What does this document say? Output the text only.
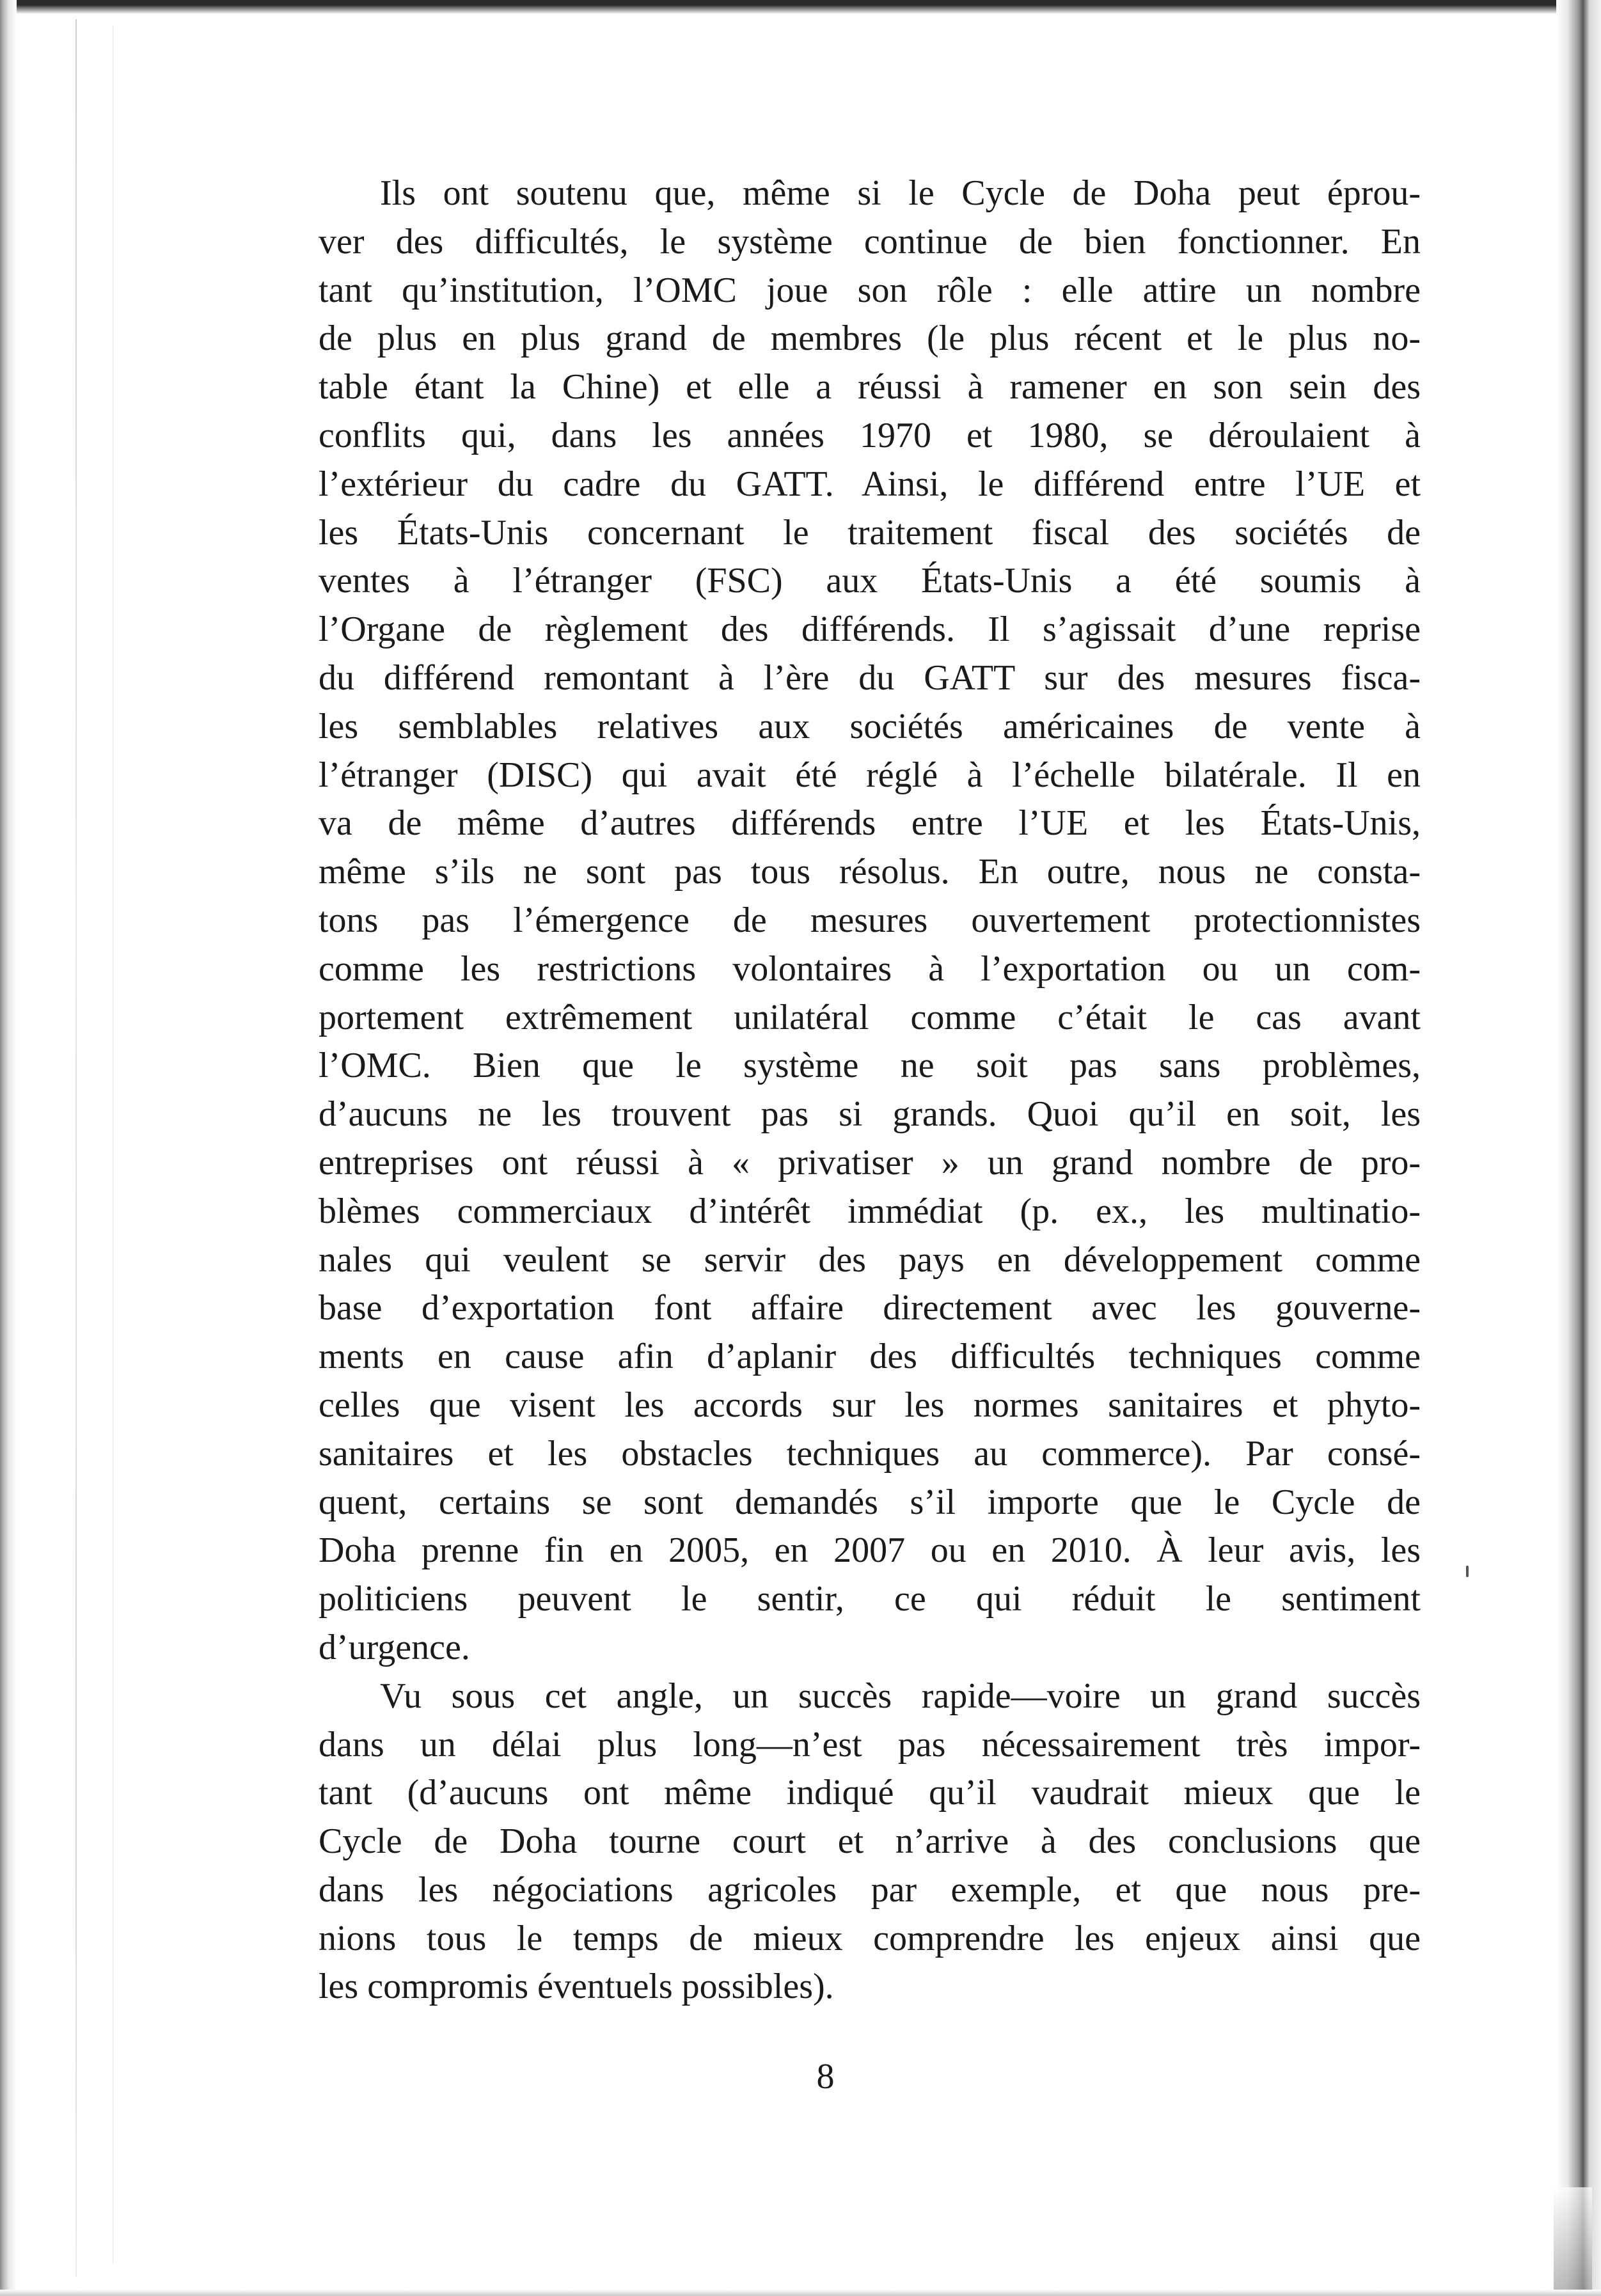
Ils ont soutenu que, même si le Cycle de Doha peut éprou-
ver des difficultés, le système continue de bien fonctionner. En
tant qu’institution, l’OMC joue son rôle : elle attire un nombre
de plus en plus grand de membres (le plus récent et le plus no-
table étant la Chine) et elle a réussi à ramener en son sein des
conflits qui, dans les années 1970 et 1980, se déroulaient à
l’extérieur du cadre du GATT. Ainsi, le différend entre l’UE et
les États-Unis concernant le traitement fiscal des sociétés de
ventes à l’étranger (FSC) aux États-Unis a été soumis à
l’Organe de règlement des différends. Il s’agissait d’une reprise
du différend remontant à l’ère du GATT sur des mesures fisca-
les semblables relatives aux sociétés américaines de vente à
l’étranger (DISC) qui avait été réglé à l’échelle bilatérale. Il en
va de même d’autres différends entre l’UE et les États-Unis,
même s’ils ne sont pas tous résolus. En outre, nous ne consta-
tons pas l’émergence de mesures ouvertement protectionnistes
comme les restrictions volontaires à l’exportation ou un com-
portement extrêmement unilatéral comme c’était le cas avant
l’OMC. Bien que le système ne soit pas sans problèmes,
d’aucuns ne les trouvent pas si grands. Quoi qu’il en soit, les
entreprises ont réussi à « privatiser » un grand nombre de pro-
blèmes commerciaux d’intérêt immédiat (p. ex., les multinatio-
nales qui veulent se servir des pays en développement comme
base d’exportation font affaire directement avec les gouverne-
ments en cause afin d’aplanir des difficultés techniques comme
celles que visent les accords sur les normes sanitaires et phyto-
sanitaires et les obstacles techniques au commerce). Par consé-
quent, certains se sont demandés s’il importe que le Cycle de
Doha prenne fin en 2005, en 2007 ou en 2010. À leur avis, les
politiciens peuvent le sentir, ce qui réduit le sentiment
d’urgence.

Vu sous cet angle, un succès rapide—voire un grand succès
dans un délai plus long—n’est pas nécessairement très impor-
tant (d’aucuns ont même indiqué qu’il vaudrait mieux que le
Cycle de Doha tourne court et n’arrive à des conclusions que
dans les négociations agricoles par exemple, et que nous pre-
nions tous le temps de mieux comprendre les enjeux ainsi que
les compromis éventuels possibles).

8
